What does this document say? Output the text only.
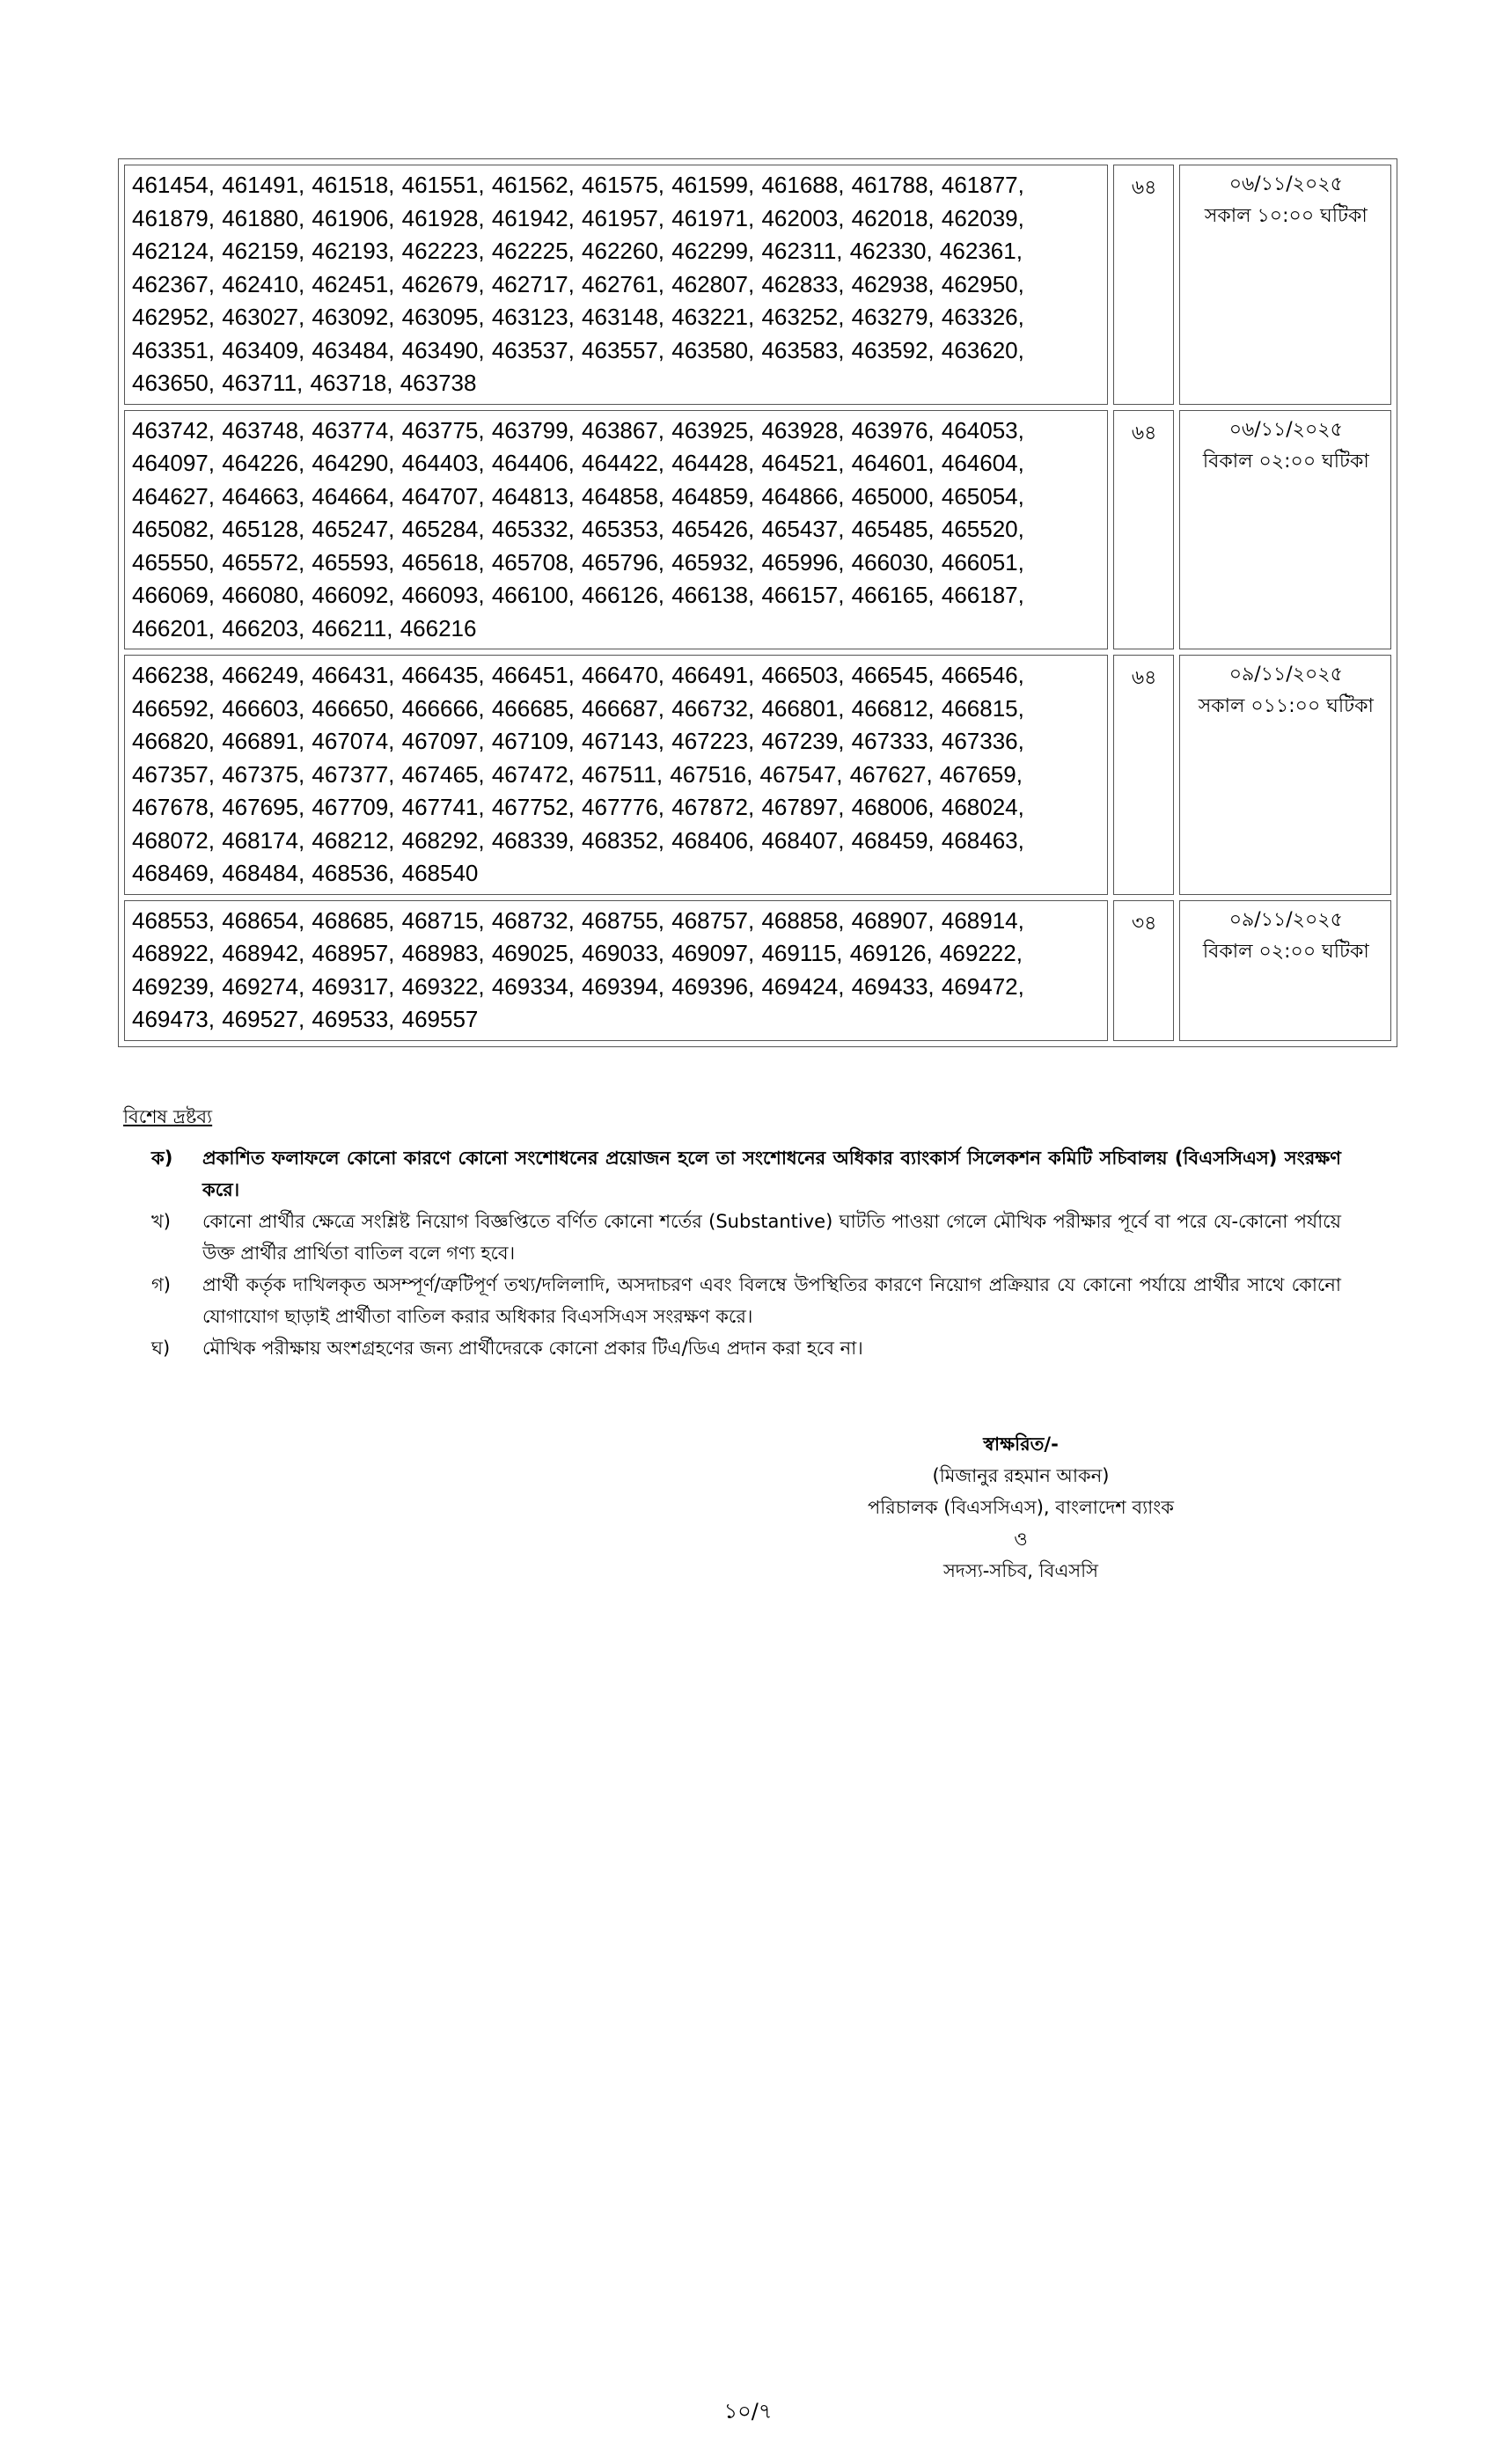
461454, 461491, 461518, 461551, 461562, 461575, 461599, 461688, 461788, 461877, 461879, 461880, 461906, 461928, 461942, 461957, 461971, 462003, 462018, 462039, 462124, 462159, 462193, 462223, 462225, 462260, 462299, 462311, 462330, 462361, 462367, 462410, 462451, 462679, 462717, 462761, 462807, 462833, 462938, 462950, 462952, 463027, 463092, 463095, 463123, 463148, 463221, 463252, 463279, 463326, 463351, 463409, 463484, 463490, 463537, 463557, 463580, 463583, 463592, 463620, 463650, 463711, 463718, 463738	৬৪	০৬/১১/২০২৫
সকাল ১০:০০ ঘটিকা

463742, 463748, 463774, 463775, 463799, 463867, 463925, 463928, 463976, 464053, 464097, 464226, 464290, 464403, 464406, 464422, 464428, 464521, 464601, 464604, 464627, 464663, 464664, 464707, 464813, 464858, 464859, 464866, 465000, 465054, 465082, 465128, 465247, 465284, 465332, 465353, 465426, 465437, 465485, 465520, 465550, 465572, 465593, 465618, 465708, 465796, 465932, 465996, 466030, 466051, 466069, 466080, 466092, 466093, 466100, 466126, 466138, 466157, 466165, 466187, 466201, 466203, 466211, 466216	৬৪	০৬/১১/২০২৫
বিকাল ০২:০০ ঘটিকা

466238, 466249, 466431, 466435, 466451, 466470, 466491, 466503, 466545, 466546, 466592, 466603, 466650, 466666, 466685, 466687, 466732, 466801, 466812, 466815, 466820, 466891, 467074, 467097, 467109, 467143, 467223, 467239, 467333, 467336, 467357, 467375, 467377, 467465, 467472, 467511, 467516, 467547, 467627, 467659, 467678, 467695, 467709, 467741, 467752, 467776, 467872, 467897, 468006, 468024, 468072, 468174, 468212, 468292, 468339, 468352, 468406, 468407, 468459, 468463, 468469, 468484, 468536, 468540	৬৪	০৯/১১/২০২৫
সকাল ০১১:০০ ঘটিকা

468553, 468654, 468685, 468715, 468732, 468755, 468757, 468858, 468907, 468914, 468922, 468942, 468957, 468983, 469025, 469033, 469097, 469115, 469126, 469222, 469239, 469274, 469317, 469322, 469334, 469394, 469396, 469424, 469433, 469472, 469473, 469527, 469533, 469557	৩৪	০৯/১১/২০২৫
বিকাল ০২:০০ ঘটিকা
বিশেষ দ্রষ্টব্য
ক)	প্রকাশিত ফলাফলে কোনো কারণে কোনো সংশোধনের প্রয়োজন হলে তা সংশোধনের অধিকার ব্যাংকার্স সিলেকশন কমিটি সচিবালয় (বিএসসিএস) সংরক্ষণ করে।
খ)	কোনো প্রার্থীর ক্ষেত্রে সংশ্লিষ্ট নিয়োগ বিজ্ঞপ্তিতে বর্ণিত কোনো শর্তের (Substantive) ঘাটতি পাওয়া গেলে মৌখিক পরীক্ষার পূর্বে বা পরে যে-কোনো পর্যায়ে উক্ত প্রার্থীর প্রার্থিতা বাতিল বলে গণ্য হবে।
গ)	প্রার্থী কর্তৃক দাখিলকৃত অসম্পূর্ণ/ত্রুটিপূর্ণ তথ্য/দলিলাদি, অসদাচরণ এবং বিলম্বে উপস্থিতির কারণে নিয়োগ প্রক্রিয়ার যে কোনো পর্যায়ে প্রার্থীর সাথে কোনো যোগাযোগ ছাড়াই প্রার্থীতা বাতিল করার অধিকার বিএসসিএস সংরক্ষণ করে।
ঘ)	মৌখিক পরীক্ষায় অংশগ্রহণের জন্য প্রার্থীদেরকে কোনো প্রকার টিএ/ডিএ প্রদান করা হবে না।
স্বাক্ষরিত/-
(মিজানুর রহমান আকন)
পরিচালক (বিএসসিএস), বাংলাদেশ ব্যাংক
ও
সদস্য-সচিব, বিএসসি
১০/৭
